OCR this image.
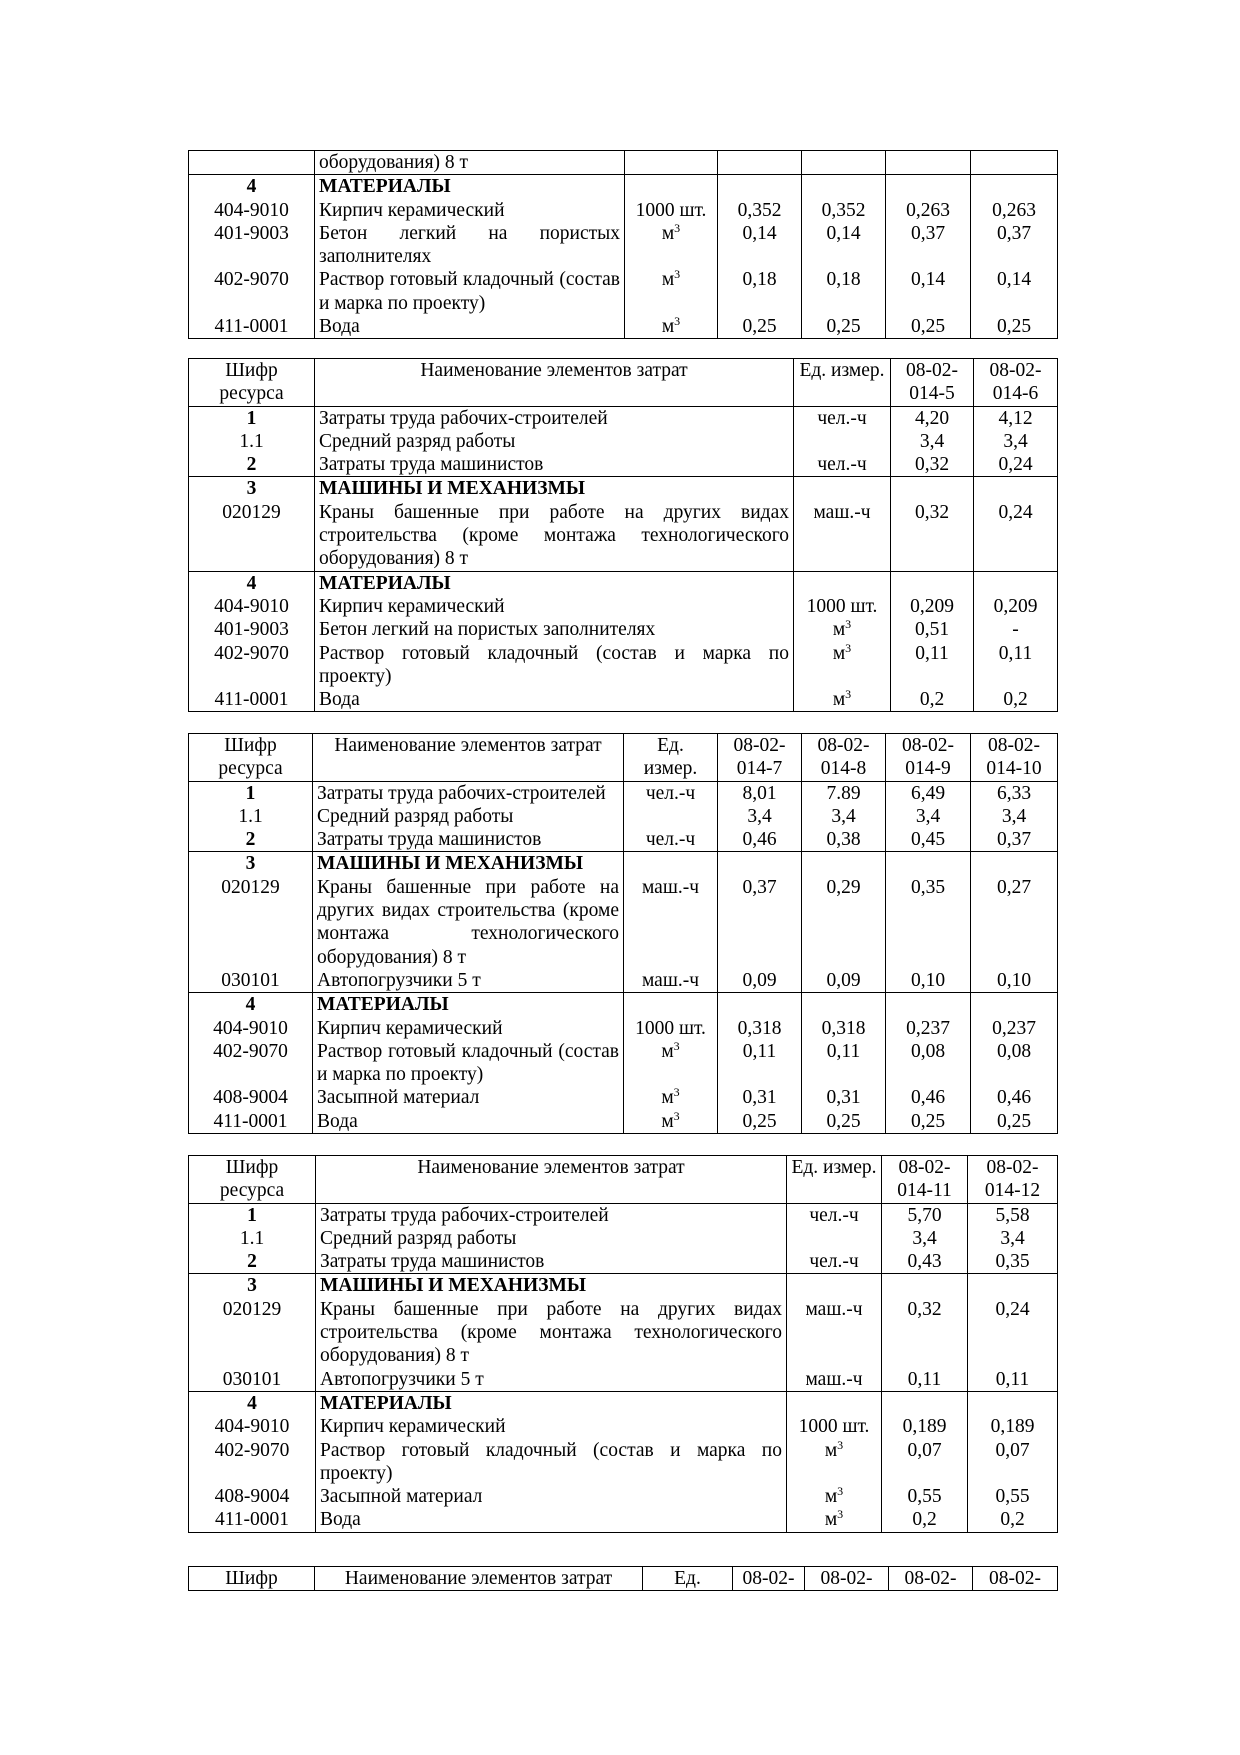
	оборудования) 8 т					
4	МАТЕРИАЛЫ					
404-9010	Кирпич керамический	1000 шт.	0,352	0,352	0,263	0,263
401-9003	Бетон легкий на пористых заполнителях	$м^3$	0,14	0,14	0,37	0,37
402-9070	Раствор готовый кладочный (состав и марка по проекту)	$м^3$	0,18	0,18	0,14	0,14
411-0001	Вода	$м^3$	0,25	0,25	0,25	0,25
Шифр ресурса	Наименование элементов затрат	Ед. измер.	08-02-014-5	08-02-014-6
1	Затраты труда рабочих-строителей	чел.-ч	4,20	4,12
1.1	Средний разряд работы		3,4	3,4
2	Затраты труда машинистов	чел.-ч	0,32	0,24
3	МАШИНЫ И МЕХАНИЗМЫ			
020129	Краны башенные при работе на других видах строительства (кроме монтажа технологического оборудования) 8 т	маш.-ч	0,32	0,24
4	МАТЕРИАЛЫ			
404-9010	Кирпич керамический	1000 шт.	0,209	0,209
401-9003	Бетон легкий на пористых заполнителях	$м^3$	0,51	-
402-9070	Раствор готовый кладочный (состав и марка по проекту)	$м^3$	0,11	0,11
411-0001	Вода	$м^3$	0,2	0,2
Шифр ресурса	Наименование элементов затрат	Ед. измер.	08-02-014-7	08-02-014-8	08-02-014-9	08-02-014-10
1	Затраты труда рабочих-строителей	чел.-ч	8,01	7.89	6,49	6,33
1.1	Средний разряд работы		3,4	3,4	3,4	3,4
2	Затраты труда машинистов	чел.-ч	0,46	0,38	0,45	0,37
3	МАШИНЫ И МЕХАНИЗМЫ					
020129	Краны башенные при работе на других видах строительства (кроме монтажа технологического оборудования) 8 т	маш.-ч	0,37	0,29	0,35	0,27
030101	Автопогрузчики 5 т	маш.-ч	0,09	0,09	0,10	0,10
4	МАТЕРИАЛЫ					
404-9010	Кирпич керамический	1000 шт.	0,318	0,318	0,237	0,237
402-9070	Раствор готовый кладочный (состав и марка по проекту)	$м^3$	0,11	0,11	0,08	0,08
408-9004	Засыпной материал	$м^3$	0,31	0,31	0,46	0,46
411-0001	Вода	$м^3$	0,25	0,25	0,25	0,25
Шифр ресурса	Наименование элементов затрат	Ед. измер.	08-02-014-11	08-02-014-12
1	Затраты труда рабочих-строителей	чел.-ч	5,70	5,58
1.1	Средний разряд работы		3,4	3,4
2	Затраты труда машинистов	чел.-ч	0,43	0,35
3	МАШИНЫ И МЕХАНИЗМЫ			
020129	Краны башенные при работе на других видах строительства (кроме монтажа технологического оборудования) 8 т	маш.-ч	0,32	0,24
030101	Автопогрузчики 5 т	маш.-ч	0,11	0,11
4	МАТЕРИАЛЫ			
404-9010	Кирпич керамический	1000 шт.	0,189	0,189
402-9070	Раствор готовый кладочный (состав и марка по проекту)	$м^3$	0,07	0,07
408-9004	Засыпной материал	$м^3$	0,55	0,55
411-0001	Вода	$м^3$	0,2	0,2
Шифр	Наименование элементов затрат	Ед.	08-02-	08-02-	08-02-	08-02-
